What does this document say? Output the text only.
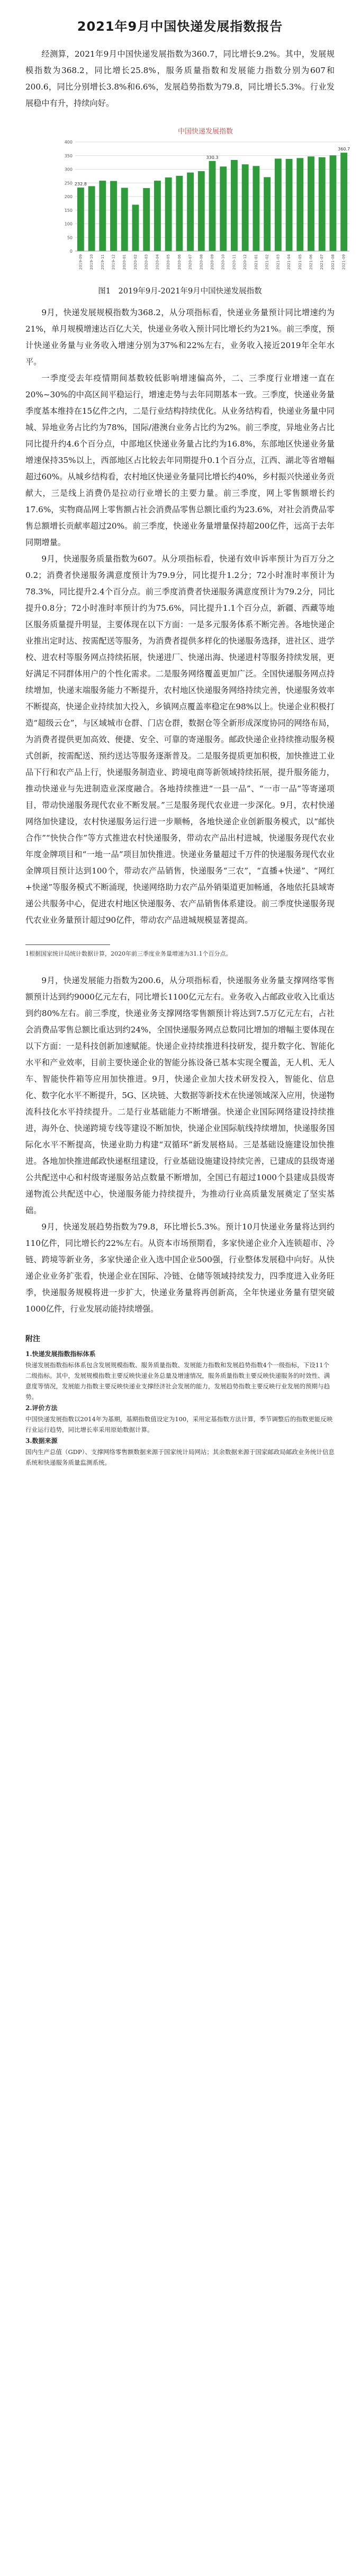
2021年9月中国快递发展指数报告

经测算，2021年9月中国快递发展指数为360.7，同比增长9.2%。其中，发展规模指数为368.2，同比增长25.8%，服务质量指数和发展能力指数分别为607和200.6，同比分别增长3.8%和6.6%，发展趋势指数为79.8，同比增长5.3%。行业发展稳中有升，持续向好。

中国快递发展指数
0
50
100
150
200
250
300
350
400
232.8
2019-09 2019-10 2019-11 2019-12 2020-01 2020-02 2020-03 2020-04 2020-05 2020-06 2020-07 2020-08
330.3
2020-09 2020-10 2020-11 2020-12 2021-01 2021-02 2021-03 2021-04 2021-05 2021-06 2021-07 2021-08
360.7
2021-09
图1　2019年9月-2021年9月中国快递发展指数

9月，快递发展规模指数为368.2，从分项指标看，快递业务量预计同比增速约为21%，单月规模增速达百亿大关，快递业务收入预计同比增长约为21%。前三季度，预计快递业务量与业务收入增速分别为37%和22%左右，业务收入接近2019年全年水平。

一季度受去年疫情期间基数较低影响增速偏高外，二、三季度行业增速一直在20%~30%的中高区间平稳运行，增速走势与去年同期基本一致。三季度，快递业务量季度基本维持在15亿件之内，二是行业结构持续优化。从业务结构看，快递业务量中同城、异地业务占比约为78%，国际/港澳台业务占比约为2%。前三季度，异地业务占比同比提升约4.6个百分点，中部地区快递业务量占比约为16.8%，东部地区快递业务量增速保持35%以上，西部地区占比较去年同期提升0.1个百分点，江西、湖北等省增幅超过60%。从城乡结构看，农村地区快递业务量同比增长约40%，乡村振兴快递业务贡献大，三是线上消费仍是拉动行业增长的主要力量。前三季度，网上零售额增长约17.6%，实物商品网上零售额占社会消费品零售总额比重约为23.6%，对社会消费品零售总额增长贡献率超过20%。前三季度，快递业务量增量保持超200亿件，远高于去年同期增量。

9月，快递服务质量指数为607。从分项指标看，快递有效申诉率预计为百万分之0.2；消费者快递服务满意度预计为79.9分，同比提升1.2分；72小时准时率预计为78.3%，同比提升2.4个百分点。前三季度消费者快递服务满意度预计为79.2分，同比提升0.8分；72小时准时率预计约为75.6%，同比提升1.1个百分点，新疆、西藏等地区服务质量提升明显，主要体现在以下方面：一是多元服务体系不断完善。各地快递企业推出定时达、按需配送等服务，为消费者提供多样化的快递服务选择，进社区、进学校、进农村等服务网点持续拓展，快递进厂、快递出海、快递进村等服务持续发展，更好满足不同群体用户的个性化需求。二是服务网络覆盖更加广泛。全国快递服务网点持续增加，快递末端服务能力不断提升，农村地区快递服务网络持续完善，快递服务效率不断提高，快递企业持续加大投入，乡镇网点覆盖率稳定在98%以上。快递企业积极打造“超级云仓”，与区域城市仓群、门店仓群，数据仓等全新形成深度协同的网络布局，为消费者提供更加高效、便捷、安全、可靠的寄递服务。邮政快递企业持续推动服务模式创新，按需配送、预约送达等服务逐渐普及。二是服务提质更加积极，加快推进工业品下行和农产品上行，快递服务制造业、跨境电商等新领域持续拓展，提升服务能力，推动快递业与先进制造业深度融合。各地持续推进“一县一品”、“一市一品”等寄递项目，带动快递服务现代农业不断发展。”三是服务现代农业进一步深化。9月，农村快递网络加快建设，农村快递服务运行进一步顺畅，各地快递企业创新服务模式，以“邮快合作”“快快合作”等方式推进农村快递服务，带动农产品出村进城，快递服务现代农业年度金牌项目和“一地一品”项目加快推进。快递业务量超过千万件的快递服务现代农业金牌项目预计达到100个，带动农产品销售，快递服务“三农”，“直播+快递”、“网红+快递”等服务模式不断涌现，快递网络助力农产品外销渠道更加畅通，各地依托县域寄递公共服务中心，促进农村地区快递服务、农产品销售体系建设。前三季度快递服务现代农业业务量预计超过90亿件，带动农产品进城规模显著提高。

1根据国家统计局统计数据计算，2020年前三季度业务量增速为31.1个百分点。

9月，快递发展能力指数为200.6，从分项指标看，快递服务业务量支撑网络零售额预计达到约9000亿元左右，同比增长1100亿元左右。业务收入占邮政业收入比重达到约80%左右。前三季度，快递业务支撑网络零售额预计将达到7.5万亿元左右，占社会消费品零售总额比重达到约24%，全国快递服务网点总数同比增加的增幅主要体现在以下方面：一是科技创新加速赋能。快递企业持续推进科技研发，提升数字化、智能化水平和产业效率，目前主要快递企业的智能分拣设备已基本实现全覆盖，无人机、无人车、智能快件箱等应用加快推进。9月，快递企业加大技术研发投入，智能化、信息化、数字化水平不断提升，5G、区块链、大数据等新技术在快递领域深入应用，快递物流科技化水平持续提升。二是行业基础能力不断增强。快递企业国际网络建设持续推进，海外仓、快递跨境专线等建设不断加快，快递企业国际航线持续增加，快递服务国际化水平不断提高，快递业助力构建“双循环”新发展格局。三是基础设施建设加快推进。各地加快推进邮政快递枢纽建设，行业基础设施建设持续完善，已建成的县级寄递公共配送中心和村级寄递服务站点数量不断增加，全国已有超过1000个县建成县级寄递物流公共配送中心，快递服务能力持续提升，为推动行业高质量发展奠定了坚实基础。

9月，快递发展趋势指数为79.8，环比增长5.3%。预计10月快递业务量将达到约110亿件，同比增长约22%左右。从资本市场预期看，多家快递企业介入连锁超市、冷链、跨境等新业务，多家快递企业入选中国企业500强，行业整体发展稳中向好。从快递企业业务扩张看，快递企业在国际、冷链、仓储等领域持续发力，四季度进入业务旺季，快递服务规模将进一步扩大，快递业务量将再创新高，全年快递业务量有望突破1000亿件，行业发展动能持续增强。

附注
1.快递发展指数指标体系
快递发展指数指标体系包含发展规模指数、服务质量指数、发展能力指数和发展趋势指数4个一级指标，下设11个二级指标。其中，发展规模指数主要反映快递业务总量及增速情况，服务质量指数主要反映快递服务的时效性、满意度等情况，发展能力指数主要反映快递业支撑经济社会发展的能力，发展趋势指数主要反映行业发展的预期与趋势。
2.评价方法
中国快递发展指数以2014年为基期，基期指数值设定为100，采用定基指数方法计算，季节调整后的指数更能反映行业运行趋势，同比增长率采用原始数据计算。
3.数据来源
国内生产总值（GDP）、支撑网络零售额数据来源于国家统计局网站；其余数据来源于国家邮政局邮政业务统计信息系统和快递服务质量监测系统。
